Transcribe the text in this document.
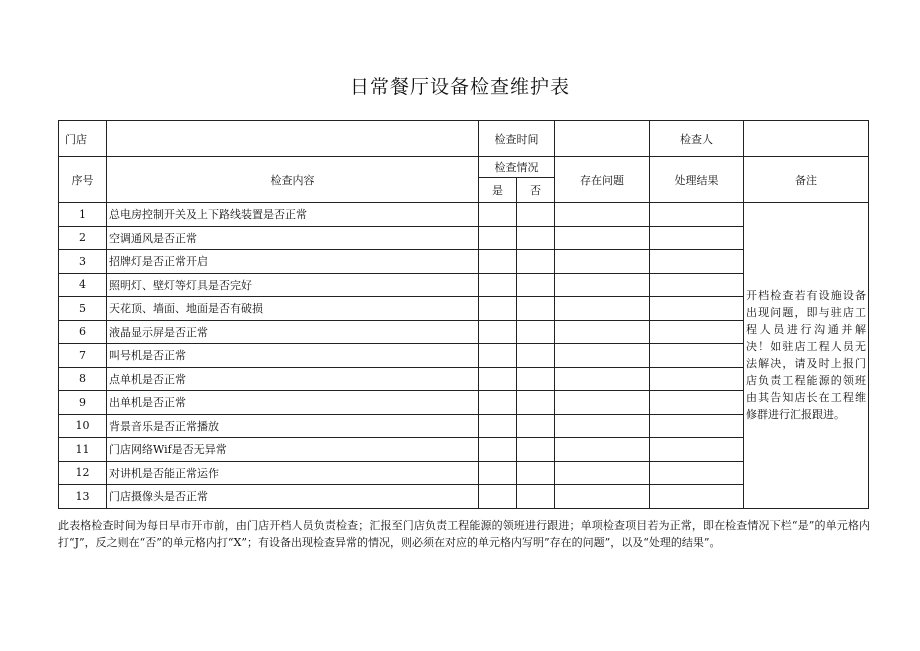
日常餐厅设备检查维护表
门店		检查时间			检查人	
序号	检查内容	检查情况		存在问题	处理结果	备注
		是	否			
1	总电房控制开关及上下路线装置是否正常					开档检查若有设施设备出现问题，即与驻店工程人员进行沟通并解决！如驻店工程人员无法解决，请及时上报门店负责工程能源的领班由其告知店长在工程维修群进行汇报跟进。
2	空调通风是否正常					
3	招牌灯是否正常开启					
4	照明灯、壁灯等灯具是否完好					
5	天花顶、墙面、地面是否有破损					
6	液晶显示屏是否正常					
7	叫号机是否正常					
8	点单机是否正常					
9	出单机是否正常					
10	背景音乐是否正常播放					
11	门店网络Wif是否无异常					
12	对讲机是否能正常运作					
13	门店摄像头是否正常					
此表格检查时间为每日早市开市前，由门店开档人员负责检查；汇报至门店负责工程能源的领班进行跟进；单项检查项目若为正常，即在检查情况下栏“是”的单元格内打“J”，反之则在“否”的单元格内打“X”；有设备出现检查异常的情况，则必须在对应的单元格内写明”存在的问题”，以及“处理的结果”。
